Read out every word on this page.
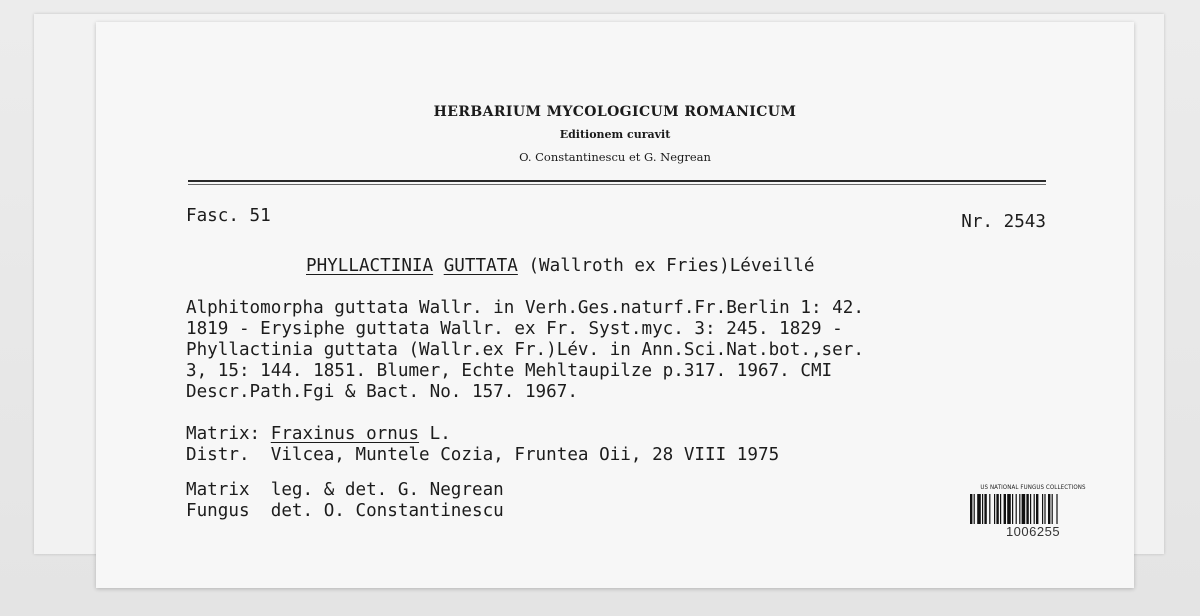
HERBARIUM MYCOLOGICUM ROMANICUM
Editionem curavit
O. Constantinescu et G. Negrean
Fasc. 51	Nr. 2543
PHYLLACTINIA GUTTATA (Wallroth ex Fries)Léveillé
Alphitomorpha guttata Wallr. in Verh.Ges.naturf.Fr.Berlin 1: 42.
1819 - Erysiphe guttata Wallr. ex Fr. Syst.myc. 3: 245. 1829 -
Phyllactinia guttata (Wallr.ex Fr.)Lév. in Ann.Sci.Nat.bot.,ser.
3, 15: 144. 1851. Blumer, Echte Mehltaupilze p.317. 1967. CMI
Descr.Path.Fgi & Bact. No. 157. 1967.
Matrix: Fraxinus ornus L.
Distr.  Vilcea, Muntele Cozia, Fruntea Oii, 28 VIII 1975
Matrix  leg. & det. G. Negrean
Fungus  det. O. Constantinescu
US NATIONAL FUNGUS COLLECTIONS
1006255
